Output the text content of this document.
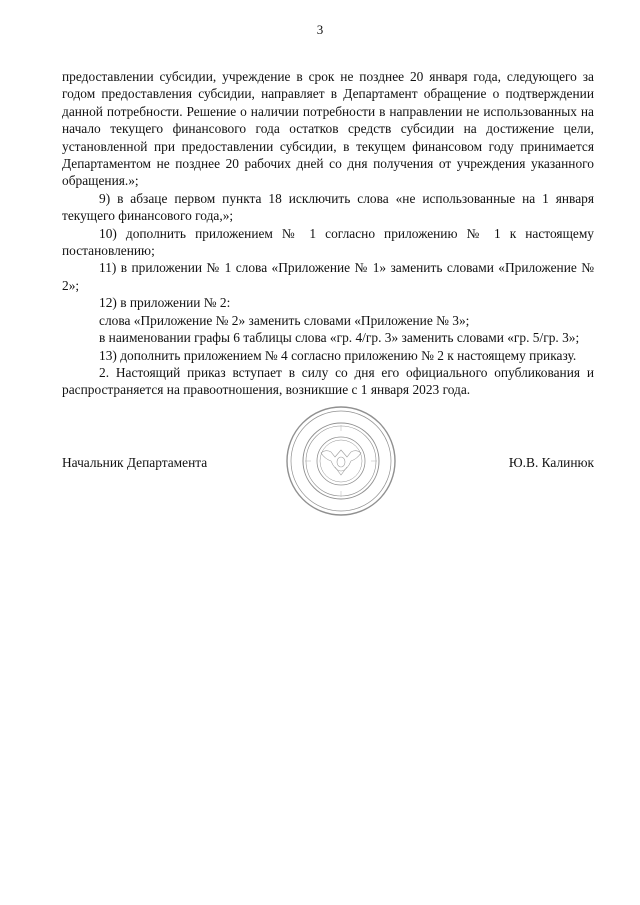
3

предоставлении субсидии, учреждение в срок не позднее 20 января года, следующего за годом предоставления субсидии, направляет в Департамент обращение о подтверждении данной потребности. Решение о наличии потребности в направлении не использованных на начало текущего финансового года остатков средств субсидии на достижение цели, установленной при предоставлении субсидии, в текущем финансовом году принимается Департаментом не позднее 20 рабочих дней со дня получения от учреждения указанного обращения.»;

9) в абзаце первом пункта 18 исключить слова «не использованные на 1 января текущего финансового года,»;

10) дополнить приложением № 1 согласно приложению № 1 к настоящему постановлению;

11) в приложении № 1 слова «Приложение № 1» заменить словами «Приложение № 2»;

12) в приложении № 2:

слова «Приложение № 2» заменить словами «Приложение № 3»;

в наименовании графы 6 таблицы слова «гр. 4/гр. 3» заменить словами «гр. 5/гр. 3»;

13) дополнить приложением № 4 согласно приложению № 2 к настоящему приказу.

2. Настоящий приказ вступает в силу со дня его официального опубликования и распространяется на правоотношения, возникшие с 1 января 2023 года.

Начальник Департамента	Ю.В. Калинюк
